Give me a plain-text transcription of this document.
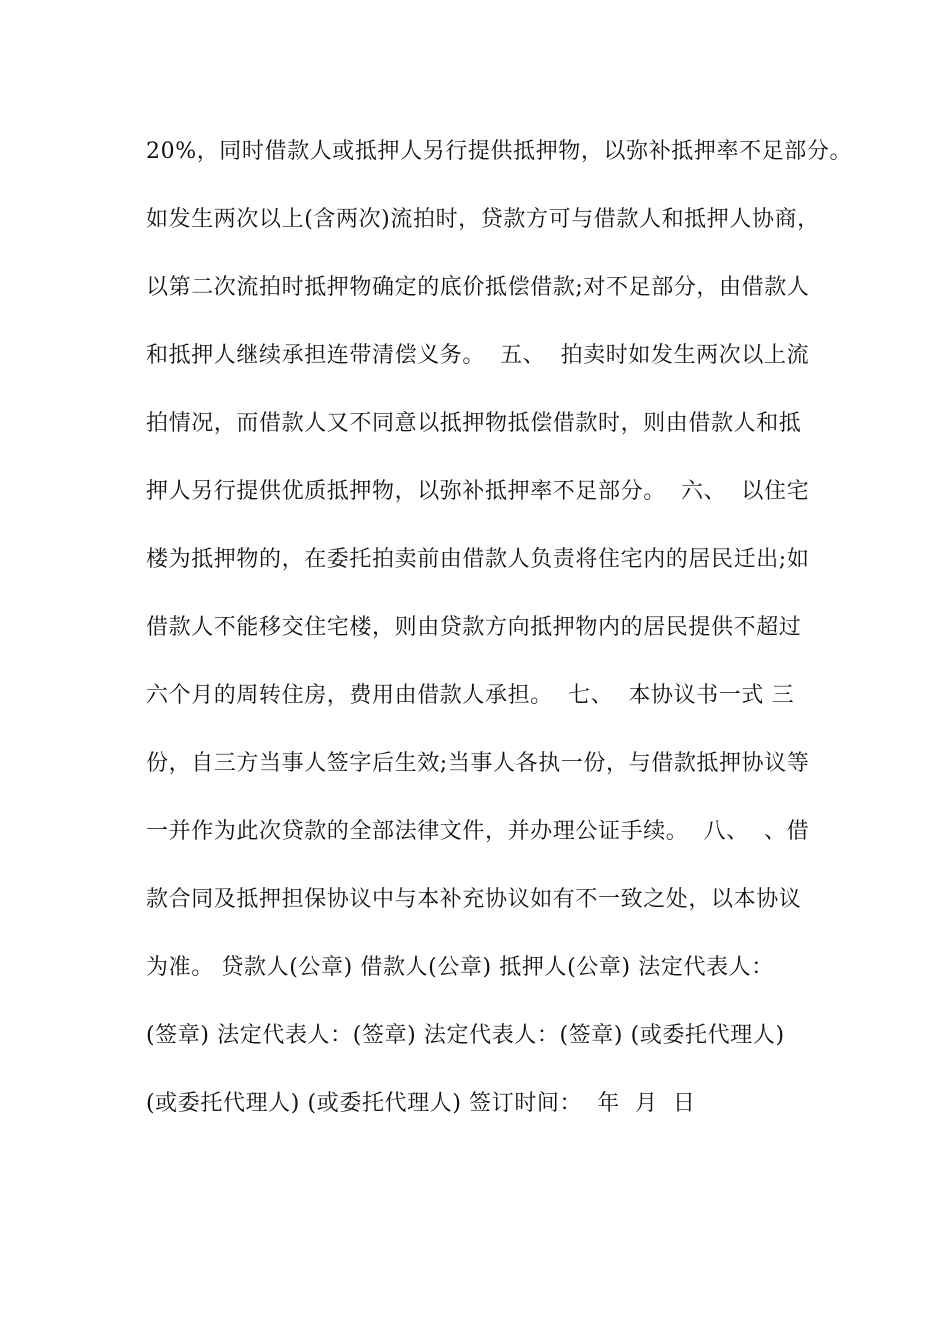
20%，同时借款人或抵押人另行提供抵押物，以弥补抵押率不足部分。
如发生两次以上(含两次)流拍时，贷款方可与借款人和抵押人协商，
以第二次流拍时抵押物确定的底价抵偿借款;对不足部分，由借款人
和抵押人继续承担连带清偿义务。  五、  拍卖时如发生两次以上流
拍情况，而借款人又不同意以抵押物抵偿借款时，则由借款人和抵
押人另行提供优质抵押物，以弥补抵押率不足部分。  六、  以住宅
楼为抵押物的，在委托拍卖前由借款人负责将住宅内的居民迁出;如
借款人不能移交住宅楼，则由贷款方向抵押物内的居民提供不超过
六个月的周转住房，费用由借款人承担。  七、  本协议书一式 三
份，自三方当事人签字后生效;当事人各执一份，与借款抵押协议等
一并作为此次贷款的全部法律文件，并办理公证手续。  八、  、借
款合同及抵押担保协议中与本补充协议如有不一致之处，以本协议
为准。 贷款人(公章) 借款人(公章) 抵押人(公章) 法定代表人：
(签章) 法定代表人：(签章) 法定代表人：(签章) (或委托代理人)
(或委托代理人) (或委托代理人) 签订时间：  年  月  日
